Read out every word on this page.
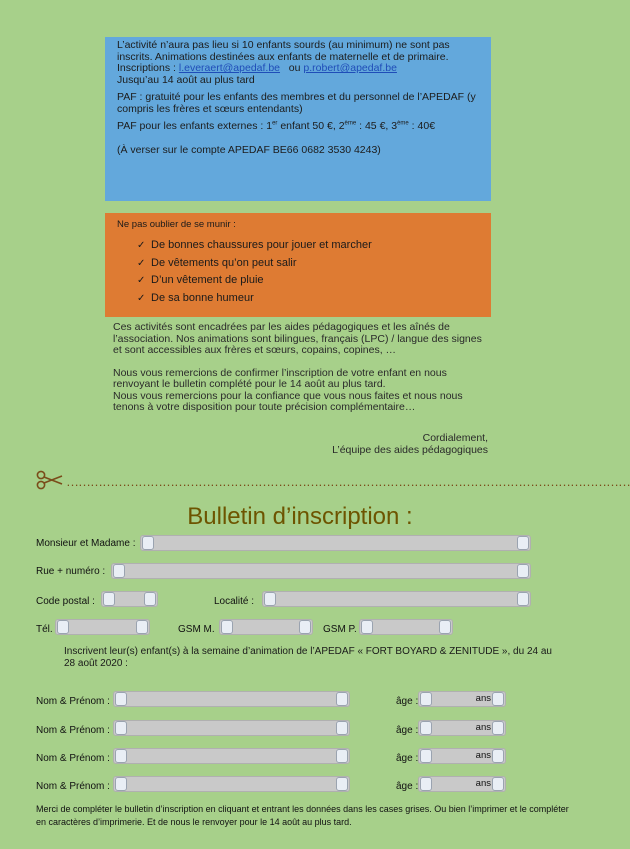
L’activité n’aura pas lieu si 10 enfants sourds (au minimum) ne sont pas inscrits. Animations destinées aux enfants de maternelle et de primaire.

Inscriptions : l.everaert@apedaf.be ou p.robert@apedaf.be

Jusqu’au 14 août au plus tard

PAF : gratuité pour les enfants des membres et du personnel de l’APEDAF (y compris les frères et sœurs entendants)

PAF pour les enfants externes : 1er enfant 50 €, 2ème : 45 €, 3ème : 40€

(À verser sur le compte APEDAF BE66 0682 3530 4243)

Ne pas oublier de se munir :
✓ De bonnes chaussures pour jouer et marcher
✓ De vêtements qu’on peut salir
✓ D’un vêtement de pluie
✓ De sa bonne humeur

Ces activités sont encadrées par les aides pédagogiques et les aînés de l’association. Nos animations sont bilingues, français (LPC) / langue des signes et sont accessibles aux frères et sœurs, copains, copines, …

Nous vous remercions de confirmer l’inscription de votre enfant en nous renvoyant le bulletin complété pour le 14 août au plus tard.

Nous vous remercions pour la confiance que vous nous faites et nous nous tenons à votre disposition pour toute précision complémentaire…

Cordialement,
L’équipe des aides pédagogiques
……………………………………………………………………………………………………………………………
Bulletin d’inscription :
Monsieur et Madame :
Rue + numéro :
Code postal :	Localité :
Tél.	GSM M.	GSM P.
Inscrivent leur(s) enfant(s) à la semaine d’animation de l’APEDAF « FORT BOYARD & ZENITUDE », du 24 au 28 août 2020 :
Nom & Prénom :	âge :	ans
Nom & Prénom :	âge :	ans
Nom & Prénom :	âge :	ans
Nom & Prénom :	âge :	ans
Merci de compléter le bulletin d’inscription en cliquant et entrant les données dans les cases grises. Ou bien l’imprimer et le compléter en caractères d’imprimerie. Et de nous le renvoyer pour le 14 août au plus tard.
